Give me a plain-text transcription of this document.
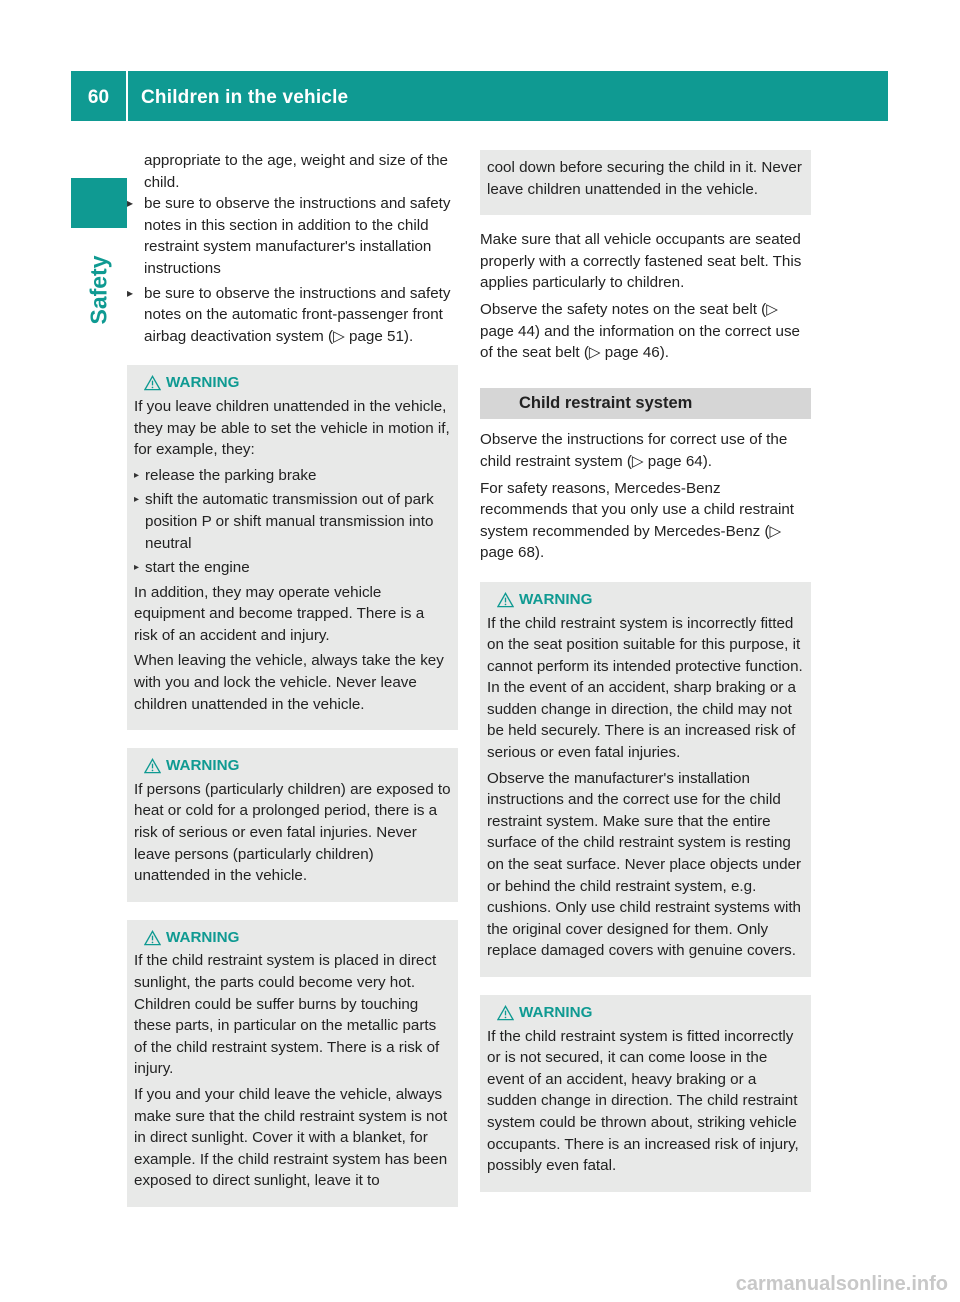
60	Children in the vehicle
Safety

appropriate to the age, weight and size of the child.

▸ be sure to observe the instructions and safety notes in this section in addition to the child restraint system manufacturer's installation instructions
▸ be sure to observe the instructions and safety notes on the automatic front-passenger front airbag deactivation system (▷ page 51).
WARNING

If you leave children unattended in the vehicle, they may be able to set the vehicle in motion if, for example, they:

▸ release the parking brake
▸ shift the automatic transmission out of park position P or shift manual transmission into neutral
▸ start the engine

In addition, they may operate vehicle equipment and become trapped. There is a risk of an accident and injury.

When leaving the vehicle, always take the key with you and lock the vehicle. Never leave children unattended in the vehicle.

WARNING

If persons (particularly children) are exposed to heat or cold for a prolonged period, there is a risk of serious or even fatal injuries. Never leave persons (particularly children) unattended in the vehicle.

WARNING

If the child restraint system is placed in direct sunlight, the parts could become very hot. Children could be suffer burns by touching these parts, in particular on the metallic parts of the child restraint system. There is a risk of injury.

If you and your child leave the vehicle, always make sure that the child restraint system is not in direct sunlight. Cover it with a blanket, for example. If the child restraint system has been exposed to direct sunlight, leave it to

cool down before securing the child in it. Never leave children unattended in the vehicle.

Make sure that all vehicle occupants are seated properly with a correctly fastened seat belt. This applies particularly to children.

Observe the safety notes on the seat belt (▷ page 44) and the information on the correct use of the seat belt (▷ page 46).

Child restraint system

Observe the instructions for correct use of the child restraint system (▷ page 64).

For safety reasons, Mercedes-Benz recommends that you only use a child restraint system recommended by Mercedes-Benz (▷ page 68).

WARNING

If the child restraint system is incorrectly fitted on the seat position suitable for this purpose, it cannot perform its intended protective function. In the event of an accident, sharp braking or a sudden change in direction, the child may not be held securely. There is an increased risk of serious or even fatal injuries.

Observe the manufacturer's installation instructions and the correct use for the child restraint system. Make sure that the entire surface of the child restraint system is resting on the seat surface. Never place objects under or behind the child restraint system, e.g. cushions. Only use child restraint systems with the original cover designed for them. Only replace damaged covers with genuine covers.

WARNING

If the child restraint system is fitted incorrectly or is not secured, it can come loose in the event of an accident, heavy braking or a sudden change in direction. The child restraint system could be thrown about, striking vehicle occupants. There is an increased risk of injury, possibly even fatal.

carmanualsonline.info
